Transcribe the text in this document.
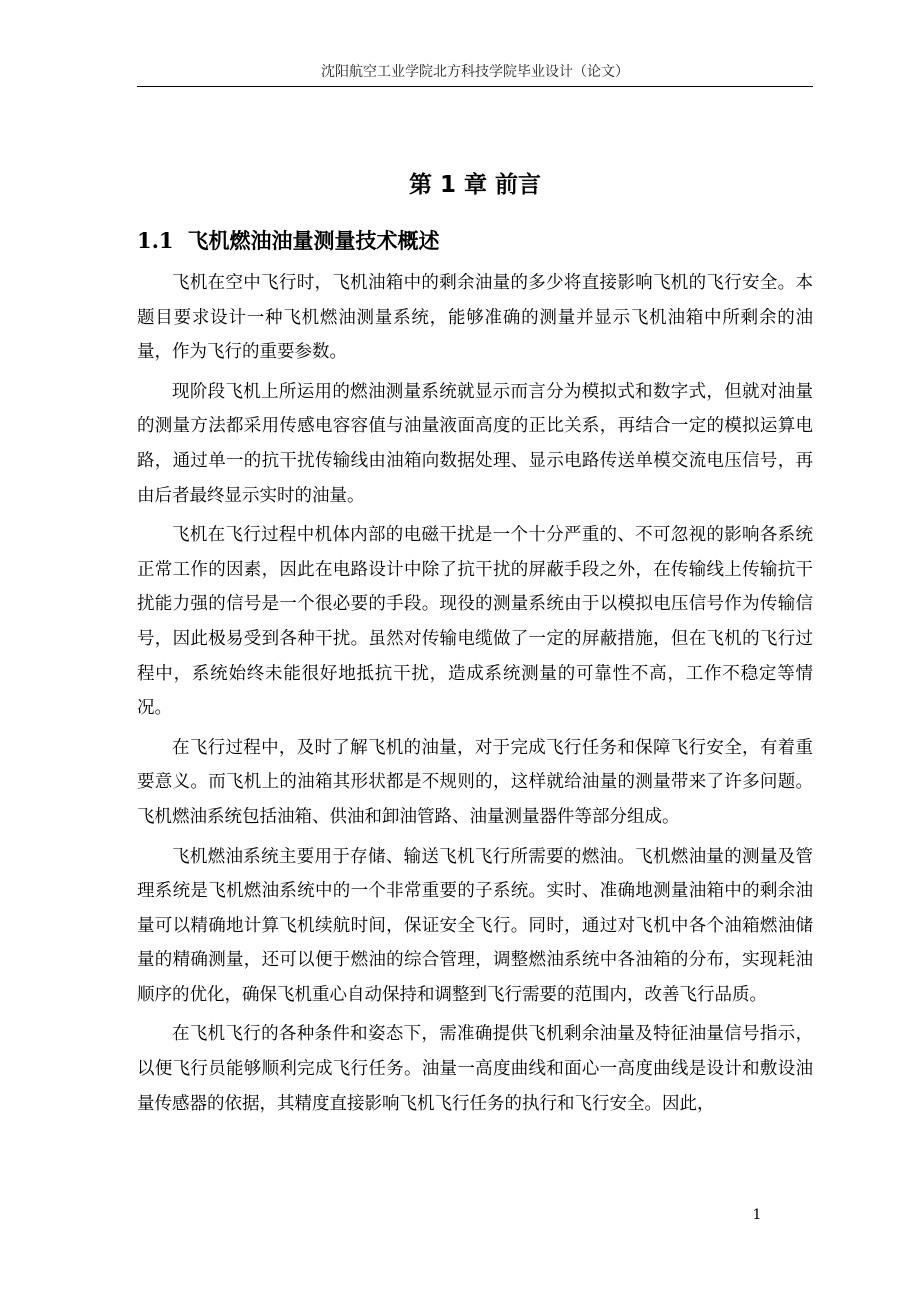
沈阳航空工业学院北方科技学院毕业设计（论文）
第 1 章 前言
1.1 飞机燃油油量测量技术概述

飞机在空中飞行时，飞机油箱中的剩余油量的多少将直接影响飞机的飞行安全。本题目要求设计一种飞机燃油测量系统，能够准确的测量并显示飞机油箱中所剩余的油量，作为飞行的重要参数。

现阶段飞机上所运用的燃油测量系统就显示而言分为模拟式和数字式，但就对油量的测量方法都采用传感电容容值与油量液面高度的正比关系，再结合一定的模拟运算电路，通过单一的抗干扰传输线由油箱向数据处理、显示电路传送单模交流电压信号，再由后者最终显示实时的油量。

飞机在飞行过程中机体内部的电磁干扰是一个十分严重的、不可忽视的影响各系统正常工作的因素，因此在电路设计中除了抗干扰的屏蔽手段之外，在传输线上传输抗干扰能力强的信号是一个很必要的手段。现役的测量系统由于以模拟电压信号作为传输信号，因此极易受到各种干扰。虽然对传输电缆做了一定的屏蔽措施，但在飞机的飞行过程中，系统始终未能很好地抵抗干扰，造成系统测量的可靠性不高，工作不稳定等情况。

在飞行过程中，及时了解飞机的油量，对于完成飞行任务和保障飞行安全，有着重要意义。而飞机上的油箱其形状都是不规则的，这样就给油量的测量带来了许多问题。飞机燃油系统包括油箱、供油和卸油管路、油量测量器件等部分组成。

飞机燃油系统主要用于存储、输送飞机飞行所需要的燃油。飞机燃油量的测量及管理系统是飞机燃油系统中的一个非常重要的子系统。实时、准确地测量油箱中的剩余油量可以精确地计算飞机续航时间，保证安全飞行。同时，通过对飞机中各个油箱燃油储量的精确测量，还可以便于燃油的综合管理，调整燃油系统中各油箱的分布，实现耗油顺序的优化，确保飞机重心自动保持和调整到飞行需要的范围内，改善飞行品质。

在飞机飞行的各种条件和姿态下，需准确提供飞机剩余油量及特征油量信号指示，以便飞行员能够顺利完成飞行任务。油量一高度曲线和面心一高度曲线是设计和敷设油量传感器的依据，其精度直接影响飞机飞行任务的执行和飞行安全。因此，

1
